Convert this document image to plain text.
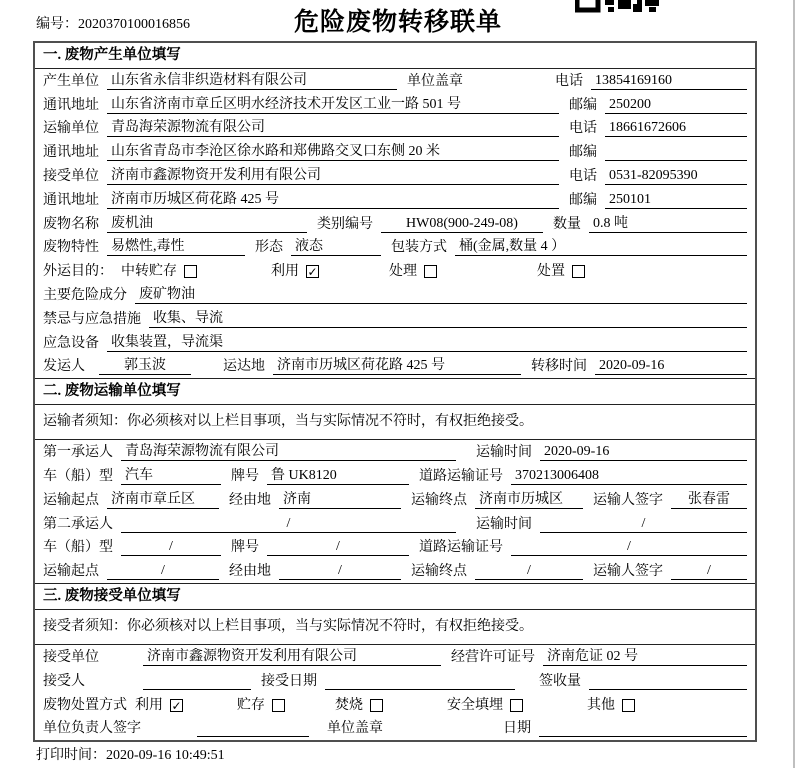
编号：2020370100016856	危险废物转移联单
一. 废物产生单位填写
产生单位 山东省永信非织造材料有限公司	单位盖章	电话 13854169160
通讯地址 山东省济南市章丘区明水经济技术开发区工业一路 501 号	邮编 250200
运输单位 青岛海荣源物流有限公司	电话 18661672606
通讯地址 山东省青岛市李沧区徐水路和郑佛路交叉口东侧 20 米	邮编
接受单位 济南市鑫源物资开发利用有限公司	电话 0531-82095390
通讯地址 济南市历城区荷花路 425 号	邮编 250101
废物名称 废机油	类别编号	HW08(900-249-08)	数量 0.8 吨
废物特性 易燃性,毒性	形态 液态	包装方式 桶(金属,数量 4 ）
外运目的： 中转贮存	利用 ✓	处理	处置
主要危险成分 废矿物油
禁忌与应急措施 收集、导流
应急设备 收集装置，导流渠
发运人	郭玉波	运达地 济南市历城区荷花路 425 号	转移时间 2020-09-16
二. 废物运输单位填写
运输者须知：你必须核对以上栏目事项，当与实际情况不符时，有权拒绝接受。
第一承运人 青岛海荣源物流有限公司	运输时间 2020-09-16
车（船）型 汽车	牌号 鲁 UK8120	道路运输证号 370213006408
运输起点 济南市章丘区	经由地 济南	运输终点 济南市历城区	运输人签字	张春雷
第二承运人	/	运输时间	/
车（船）型	/	牌号	/	道路运输证号	/
运输起点	/	经由地	/	运输终点	/	运输人签字	/
三. 废物接受单位填写
接受者须知：你必须核对以上栏目事项，当与实际情况不符时，有权拒绝接受。
接受单位	济南市鑫源物资开发利用有限公司	经营许可证号 济南危证 02 号
接受人	接受日期	签收量
废物处置方式 利用 ✓	贮存	焚烧	安全填埋	其他
单位负责人签字	单位盖章	日期
打印时间：2020-09-16 10:49:51
